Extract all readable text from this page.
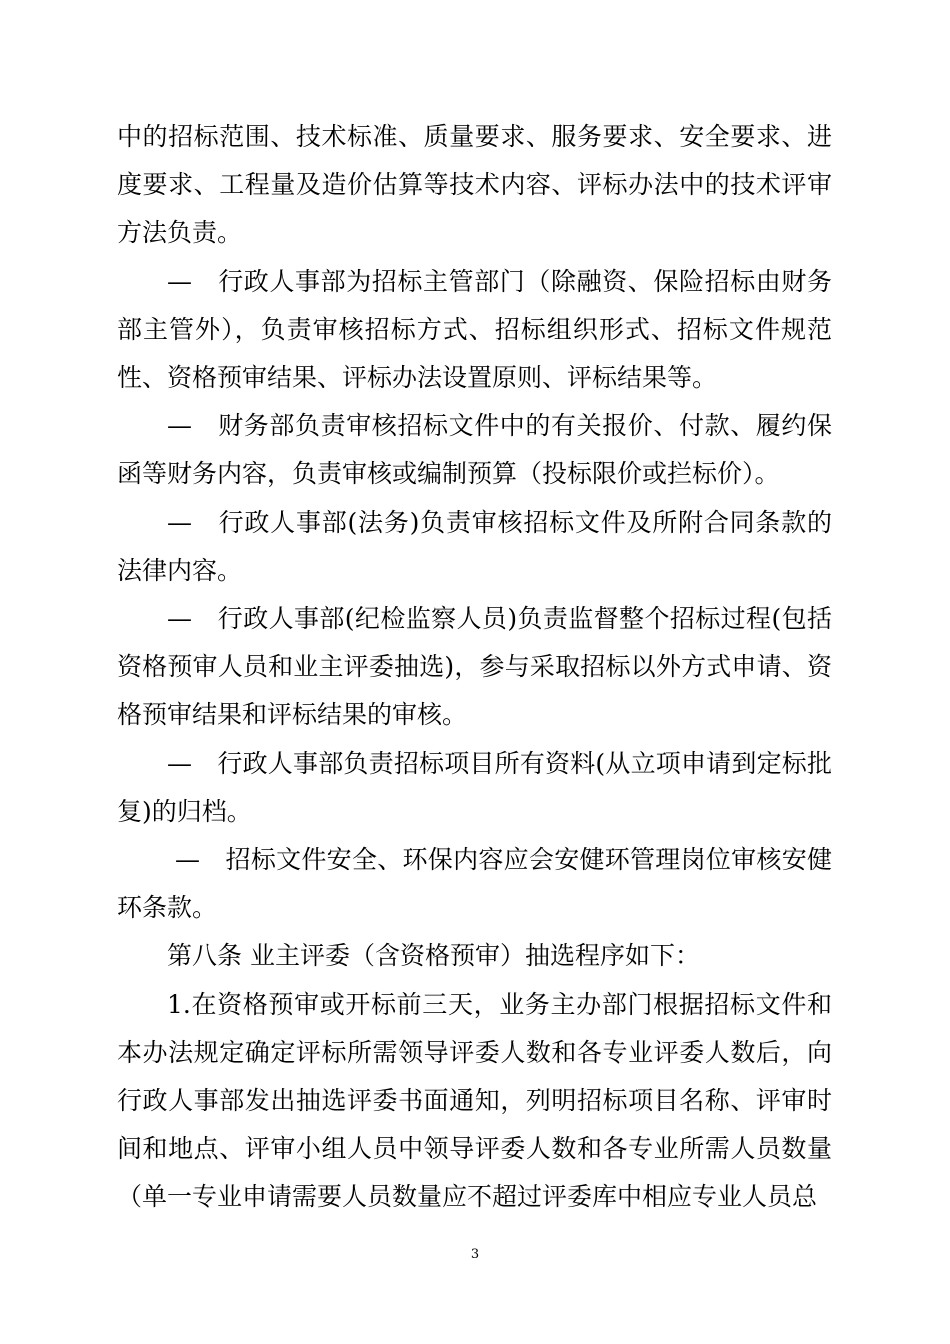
中的招标范围、技术标准、质量要求、服务要求、安全要求、进度要求、工程量及造价估算等技术内容、评标办法中的技术评审方法负责。

—　行政人事部为招标主管部门（除融资、保险招标由财务部主管外），负责审核招标方式、招标组织形式、招标文件规范性、资格预审结果、评标办法设置原则、评标结果等。

—　财务部负责审核招标文件中的有关报价、付款、履约保函等财务内容，负责审核或编制预算（投标限价或拦标价）。

—　行政人事部(法务)负责审核招标文件及所附合同条款的法律内容。

—　行政人事部(纪检监察人员)负责监督整个招标过程(包括资格预审人员和业主评委抽选)，参与采取招标以外方式申请、资格预审结果和评标结果的审核。

—　行政人事部负责招标项目所有资料(从立项申请到定标批复)的归档。

—　招标文件安全、环保内容应会安健环管理岗位审核安健环条款。

第八条 业主评委（含资格预审）抽选程序如下：

1.在资格预审或开标前三天，业务主办部门根据招标文件和本办法规定确定评标所需领导评委人数和各专业评委人数后，向行政人事部发出抽选评委书面通知，列明招标项目名称、评审时间和地点、评审小组人员中领导评委人数和各专业所需人员数量（单一专业申请需要人员数量应不超过评委库中相应专业人员总

3
